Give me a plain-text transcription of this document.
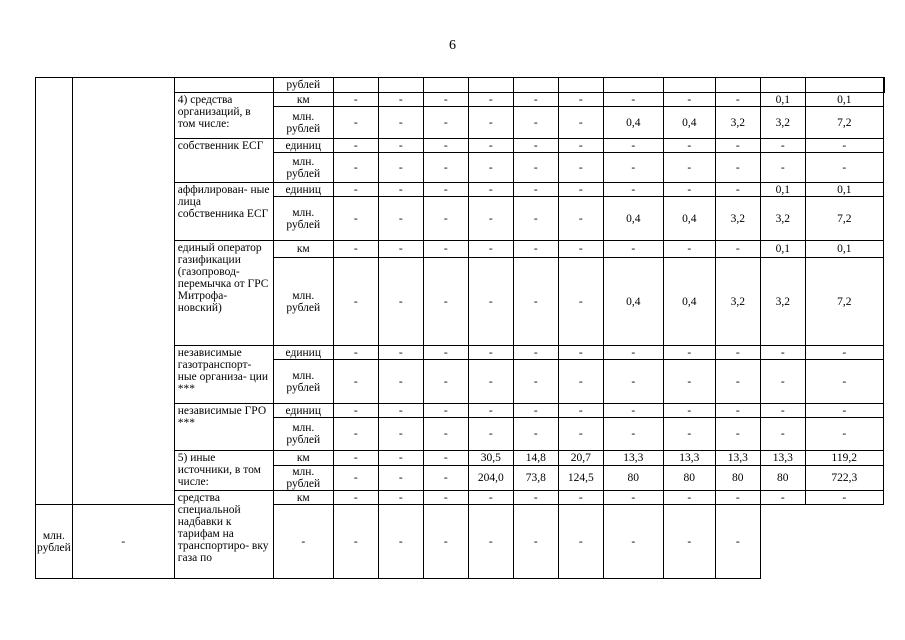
6
			рублей												
		4) средства организаций, в том числе:	км	-	-	-	-	-	-	-	-	-	0,1	0,1	
			млн. рублей	-	-	-	-	-	-	0,4	0,4	3,2	3,2	7,2	
		собственник ЕСГ	единиц	-	-	-	-	-	-	-	-	-	-	-	
			млн. рублей	-	-	-	-	-	-	-	-	-	-	-	
		аффилирован- ные лица собственника ЕСГ	единиц	-	-	-	-	-	-	-	-	-	0,1	0,1	
			млн. рублей	-	-	-	-	-	-	0,4	0,4	3,2	3,2	7,2	
		единый оператор газификации (газопровод- перемычка от ГРС Митрофа- новский)	км	-	-	-	-	-	-	-	-	-	0,1	0,1	
			млн. рублей	-	-	-	-	-	-	0,4	0,4	3,2	3,2	7,2	
		независимые газотранспорт- ные организа- ции ***	единиц	-	-	-	-	-	-	-	-	-	-	-	
			млн. рублей	-	-	-	-	-	-	-	-	-	-	-	
		независимые ГРО ***	единиц	-	-	-	-	-	-	-	-	-	-	-	
			млн. рублей	-	-	-	-	-	-	-	-	-	-	-	
		5) иные источники, в том числе:	км	-	-	-	30,5	14,8	20,7	13,3	13,3	13,3	13,3	119,2	
			млн. рублей	-	-	-	204,0	73,8	124,5	80	80	80	80	722,3	
		средства специальной надбавки к тарифам на транспортиро- вку газа по	км	-	-	-	-	-	-	-	-	-	-	-	
млн. рублей	-		-	-	-	-	-	-	-	-	-	-			
